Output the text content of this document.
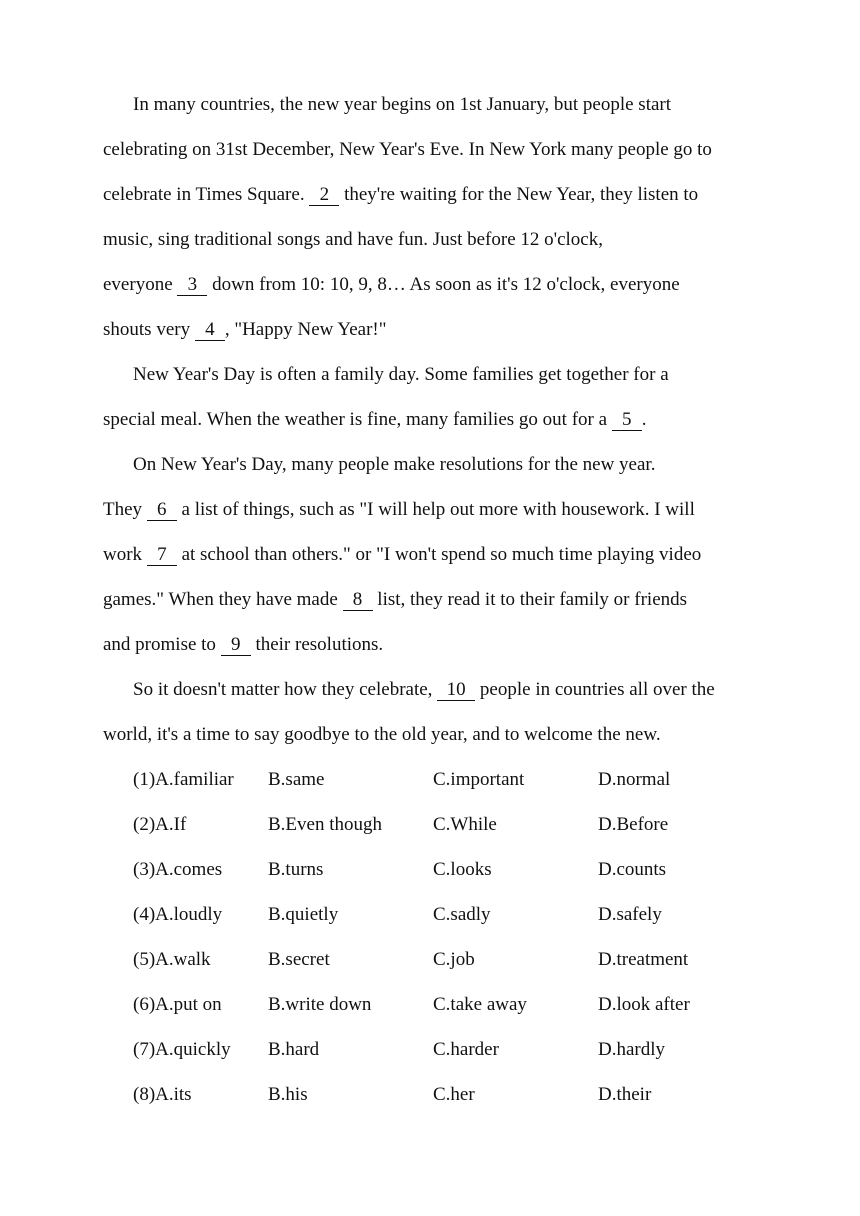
In many countries, the new year begins on 1st January, but people start
celebrating on 31st December, New Year's Eve. In New York many people go to
celebrate in Times Square. 2 they're waiting for the New Year, they listen to
music, sing traditional songs and have fun. Just before 12 o'clock,
everyone 3 down from 10: 10, 9, 8… As soon as it's 12 o'clock, everyone
shouts very 4 , "Happy New Year!"
New Year's Day is often a family day. Some families get together for a
special meal. When the weather is fine, many families go out for a 5 .
On New Year's Day, many people make resolutions for the new year.
They 6 a list of things, such as "I will help out more with housework. I will
work 7 at school than others." or "I won't spend so much time playing video
games." When they have made 8 list, they read it to their family or friends
and promise to 9 their resolutions.
So it doesn't matter how they celebrate, 10 people in countries all over the
world, it's a time to say goodbye to the old year, and to welcome the new.
(1)A.familiar B.same	C.important	D.normal
(2)A.If	B.Even though	C.While	D.Before
(3)A.comes B.turns	C.looks	D.counts
(4)A.loudly B.quietly	C.sadly	D.safely
(5)A.walk	B.secret	C.job	D.treatment
(6)A.put on B.write down	C.take away	D.look after
(7)A.quickly B.hard	C.harder	D.hardly
(8)A.its	B.his	C.her	D.their
